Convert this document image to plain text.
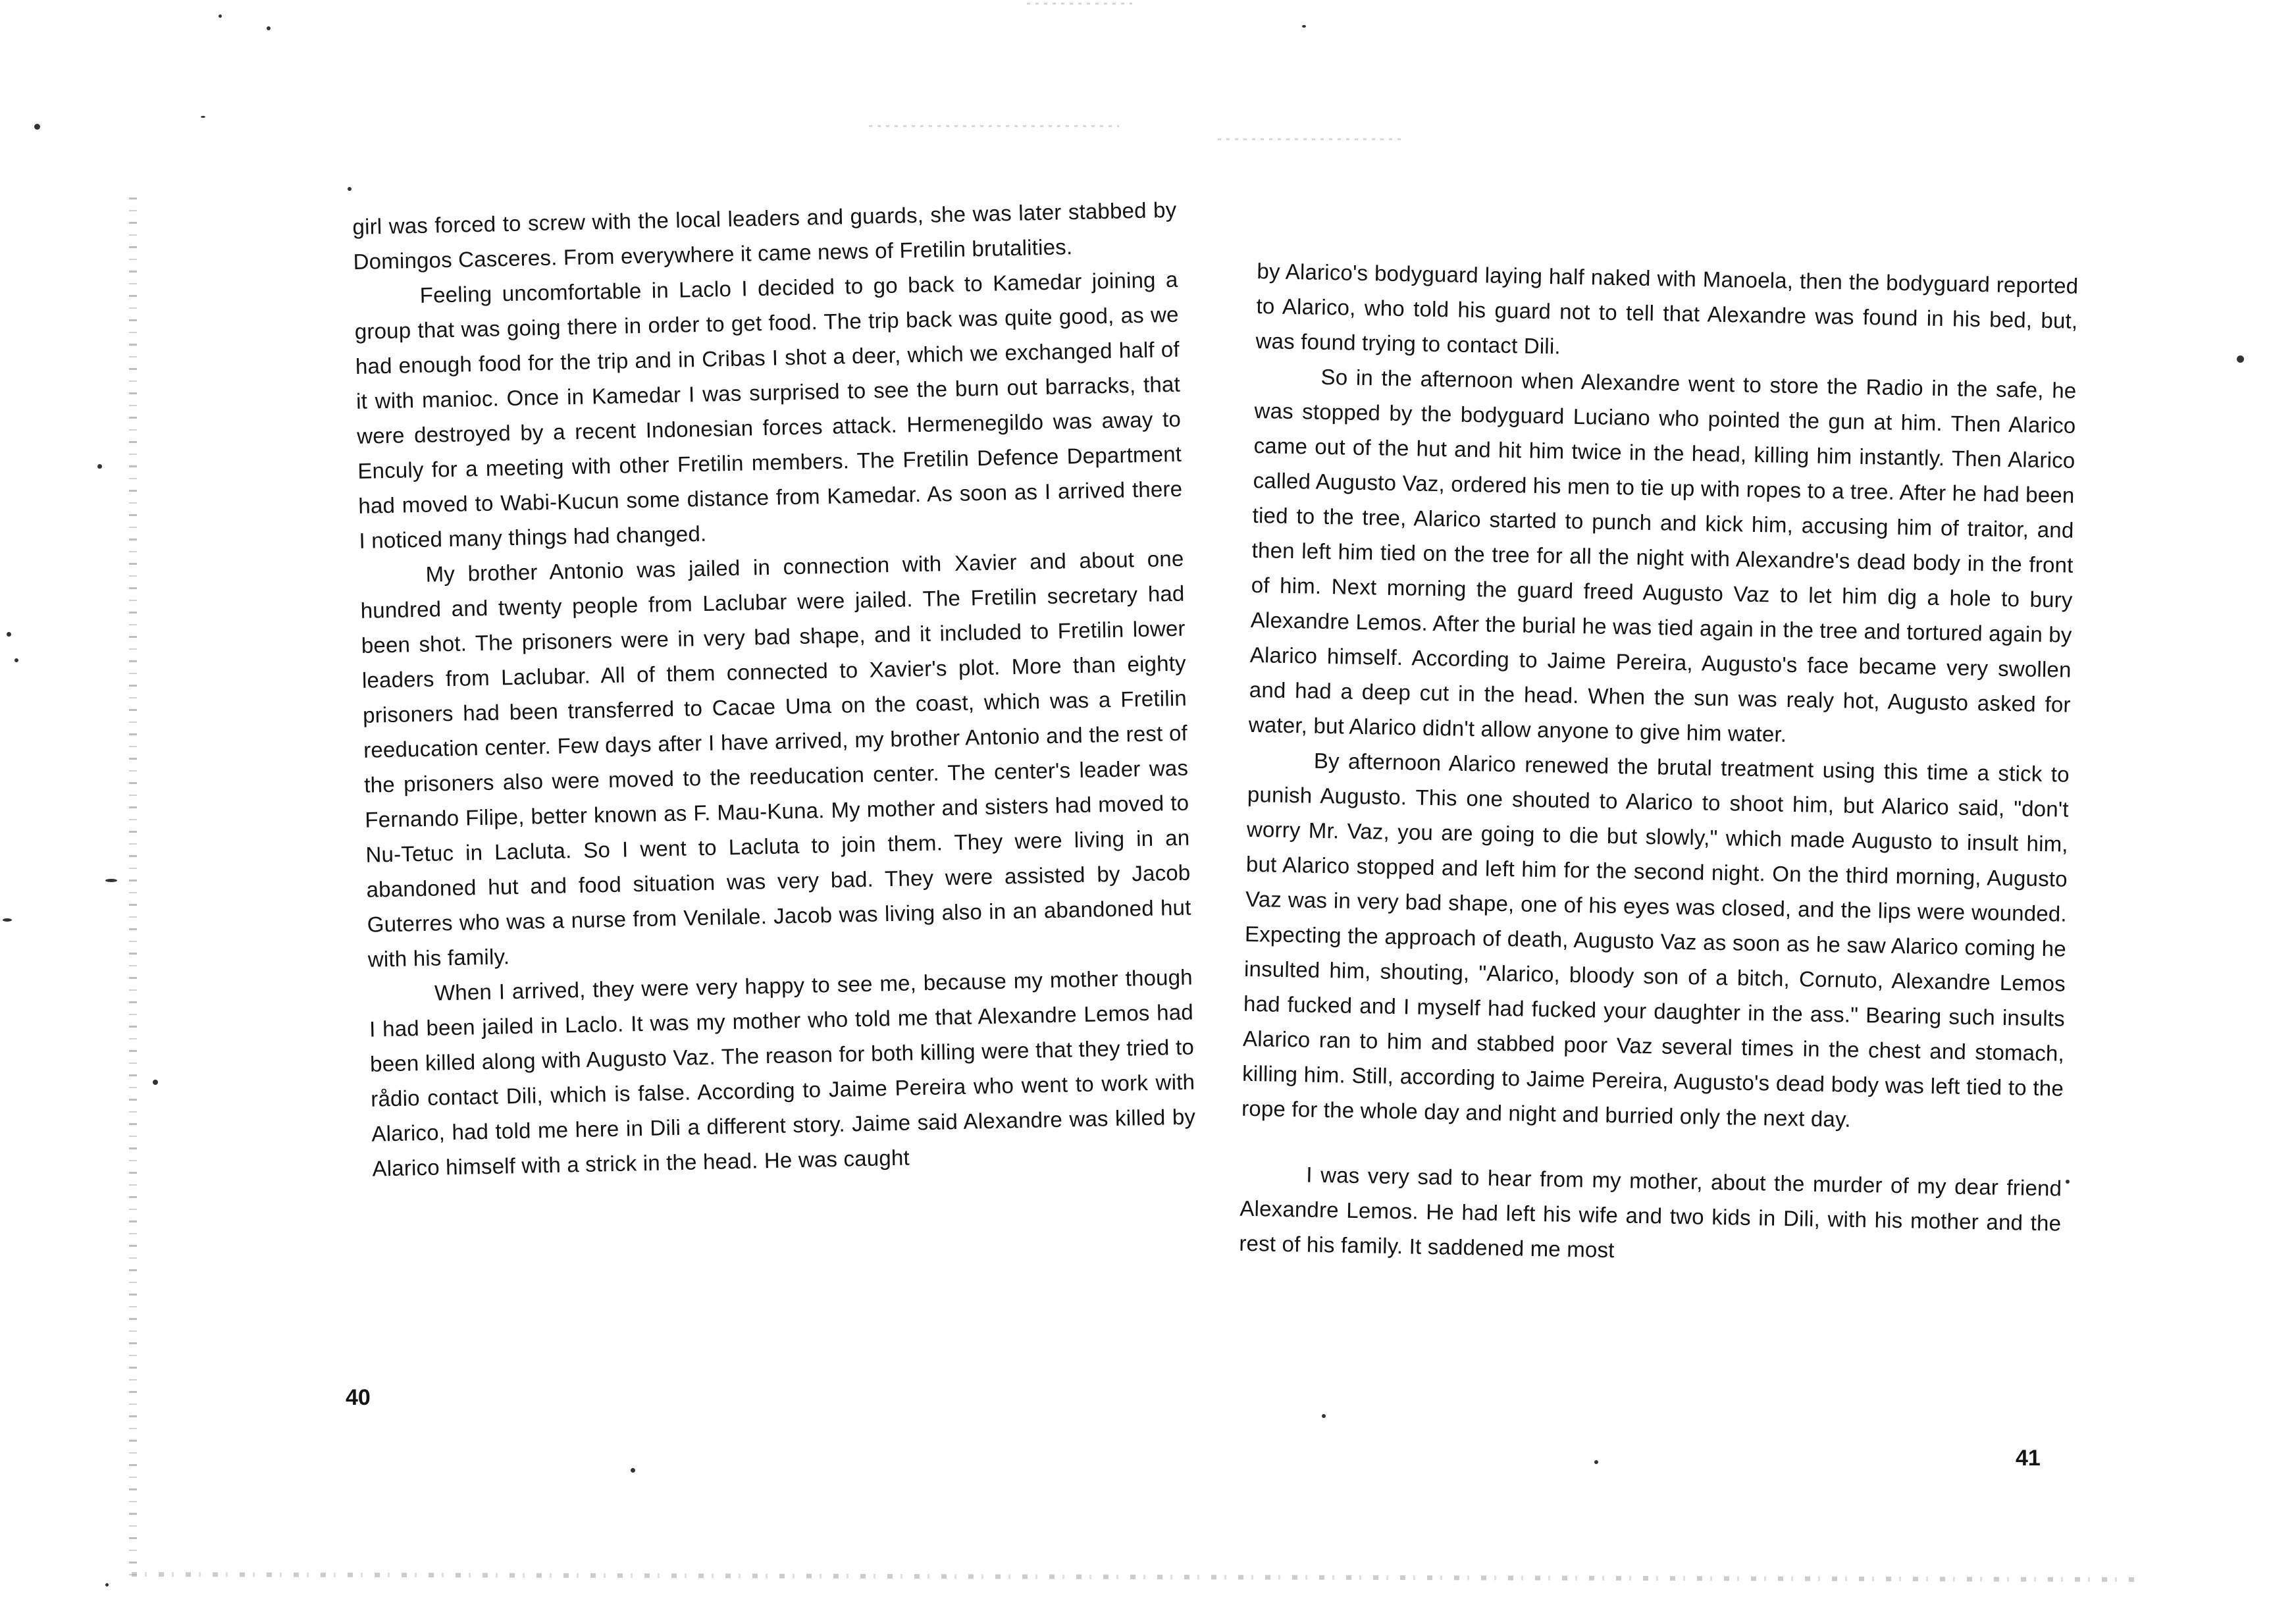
girl was forced to screw with the local leaders and guards, she was later stabbed by Domingos Casceres. From everywhere it came news of Fretilin brutalities.

Feeling uncomfortable in Laclo I decided to go back to Kamedar joining a group that was going there in order to get food. The trip back was quite good, as we had enough food for the trip and in Cribas I shot a deer, which we exchanged half of it with manioc. Once in Kamedar I was surprised to see the burn out barracks, that were destroyed by a recent Indonesian forces attack. Hermenegildo was away to Enculy for a meeting with other Fretilin members. The Fretilin Defence Department had moved to Wabi-Kucun some distance from Kamedar. As soon as I arrived there I noticed many things had changed.

My brother Antonio was jailed in connection with Xavier and about one hundred and twenty people from Laclubar were jailed. The Fretilin secretary had been shot. The prisoners were in very bad shape, and it included to Fretilin lower leaders from Laclubar. All of them connected to Xavier's plot. More than eighty prisoners had been transferred to Cacae Uma on the coast, which was a Fretilin reeducation center. Few days after I have arrived, my brother Antonio and the rest of the prisoners also were moved to the reeducation center. The center's leader was Fernando Filipe, better known as F. Mau-Kuna. My mother and sisters had moved to Nu-Tetuc in Lacluta. So I went to Lacluta to join them. They were living in an abandoned hut and food situation was very bad. They were assisted by Jacob Guterres who was a nurse from Venilale. Jacob was living also in an abandoned hut with his family.

When I arrived, they were very happy to see me, because my mother though I had been jailed in Laclo. It was my mother who told me that Alexandre Lemos had been killed along with Augusto Vaz. The reason for both killing were that they tried to rådio contact Dili, which is false. According to Jaime Pereira who went to work with Alarico, had told me here in Dili a different story. Jaime said Alexandre was killed by Alarico himself with a strick in the head. He was caught

40

by Alarico's bodyguard laying half naked with Manoela, then the bodyguard reported to Alarico, who told his guard not to tell that Alexandre was found in his bed, but, was found trying to contact Dili.

So in the afternoon when Alexandre went to store the Radio in the safe, he was stopped by the bodyguard Luciano who pointed the gun at him. Then Alarico came out of the hut and hit him twice in the head, killing him instantly. Then Alarico called Augusto Vaz, ordered his men to tie up with ropes to a tree. After he had been tied to the tree, Alarico started to punch and kick him, accusing him of traitor, and then left him tied on the tree for all the night with Alexandre's dead body in the front of him. Next morning the guard freed Augusto Vaz to let him dig a hole to bury Alexandre Lemos. After the burial he was tied again in the tree and tortured again by Alarico himself. According to Jaime Pereira, Augusto's face became very swollen and had a deep cut in the head. When the sun was realy hot, Augusto asked for water, but Alarico didn't allow anyone to give him water.

By afternoon Alarico renewed the brutal treatment using this time a stick to punish Augusto. This one shouted to Alarico to shoot him, but Alarico said, "don't worry Mr. Vaz, you are going to die but slowly," which made Augusto to insult him, but Alarico stopped and left him for the second night. On the third morning, Augusto Vaz was in very bad shape, one of his eyes was closed, and the lips were wounded. Expecting the approach of death, Augusto Vaz as soon as he saw Alarico coming he insulted him, shouting, "Alarico, bloody son of a bitch, Cornuto, Alexandre Lemos had fucked and I myself had fucked your daughter in the ass." Bearing such insults Alarico ran to him and stabbed poor Vaz several times in the chest and stomach, killing him. Still, according to Jaime Pereira, Augusto's dead body was left tied to the rope for the whole day and night and burried only the next day.

I was very sad to hear from my mother, about the murder of my dear friend Alexandre Lemos. He had left his wife and two kids in Dili, with his mother and the rest of his family. It saddened me most

41
